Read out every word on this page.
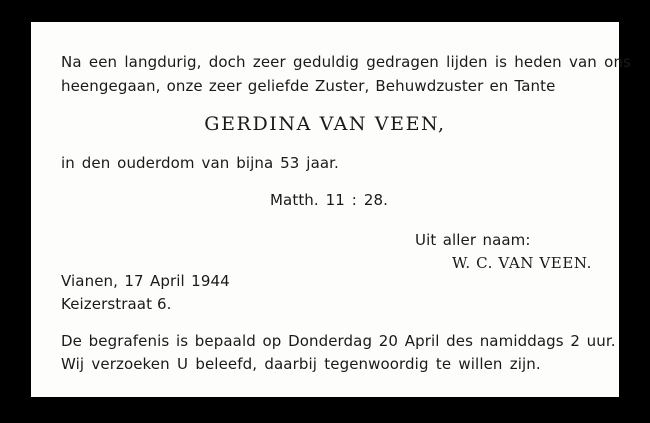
Na een langdurig, doch zeer geduldig gedragen lijden is heden van ons
heengegaan, onze zeer geliefde Zuster, Behuwdzuster en Tante
GERDINA VAN VEEN,
in den ouderdom van bijna 53 jaar.
Matth. 11 : 28.
Uit aller naam:
W. C. VAN VEEN.
Vianen, 17 April 1944
Keizerstraat 6.
De begrafenis is bepaald op Donderdag 20 April des namiddags 2 uur.
Wij verzoeken U beleefd, daarbij tegenwoordig te willen zijn.
